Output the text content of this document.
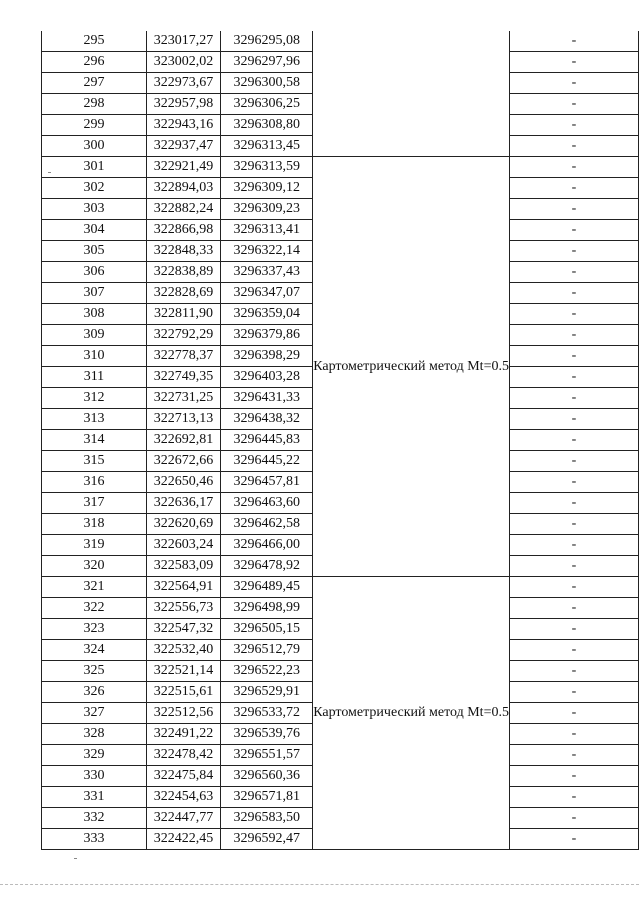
295	323017,27	3296295,08		-
296	323002,02	3296297,96		-
297	322973,67	3296300,58		-
298	322957,98	3296306,25		-
299	322943,16	3296308,80		-
300	322937,47	3296313,45		-
301	322921,49	3296313,59	Картометрический метод Mt=0.5	-
302	322894,03	3296309,12		-
303	322882,24	3296309,23		-
304	322866,98	3296313,41		-
305	322848,33	3296322,14		-
306	322838,89	3296337,43		-
307	322828,69	3296347,07		-
308	322811,90	3296359,04		-
309	322792,29	3296379,86		-
310	322778,37	3296398,29		-
311	322749,35	3296403,28		-
312	322731,25	3296431,33		-
313	322713,13	3296438,32		-
314	322692,81	3296445,83		-
315	322672,66	3296445,22		-
316	322650,46	3296457,81		-
317	322636,17	3296463,60		-
318	322620,69	3296462,58		-
319	322603,24	3296466,00		-
320	322583,09	3296478,92		-
321	322564,91	3296489,45	Картометрический метод Mt=0.5	-
322	322556,73	3296498,99		-
323	322547,32	3296505,15		-
324	322532,40	3296512,79		-
325	322521,14	3296522,23		-
326	322515,61	3296529,91		-
327	322512,56	3296533,72		-
328	322491,22	3296539,76		-
329	322478,42	3296551,57		-
330	322475,84	3296560,36		-
331	322454,63	3296571,81		-
332	322447,77	3296583,50		-
333	322422,45	3296592,47		-
